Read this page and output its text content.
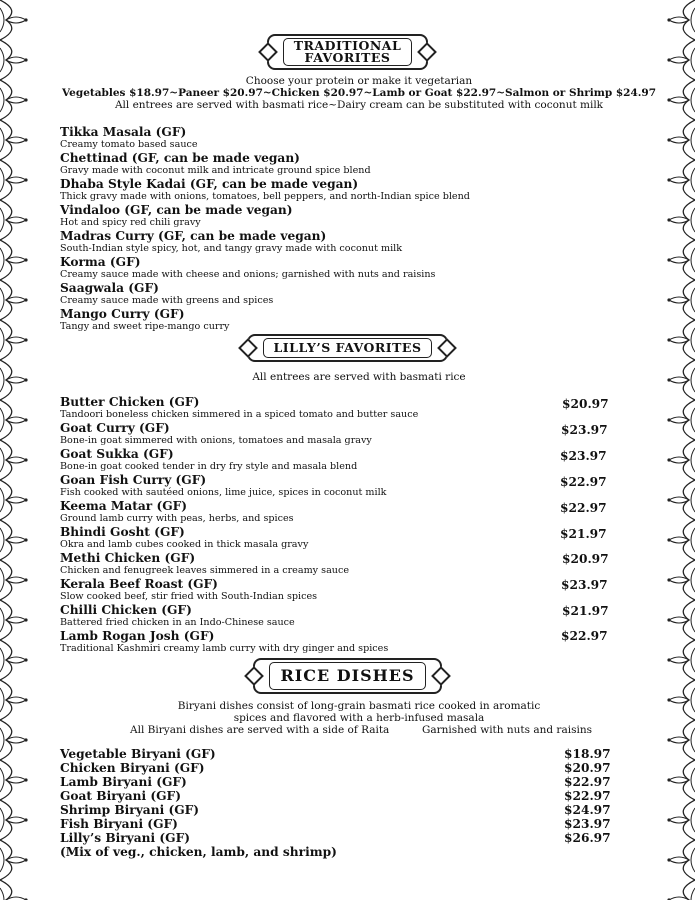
TRADITIONAL
FAVORITES
Choose your protein or make it vegetarian
Vegetables $18.97~Paneer $20.97~Chicken $20.97~Lamb or Goat $22.97~Salmon or Shrimp $24.97
All entrees are served with basmati rice~Dairy cream can be substituted with coconut milk
Tikka Masala (GF)
Creamy tomato based sauce
Chettinad (GF, can be made vegan)
Gravy made with coconut milk and intricate ground spice blend
Dhaba Style Kadai (GF, can be made vegan)
Thick gravy made with onions, tomatoes, bell peppers, and north-Indian spice blend
Vindaloo (GF, can be made vegan)
Hot and spicy red chili gravy
Madras Curry (GF, can be made vegan)
South-Indian style spicy, hot, and tangy gravy made with coconut milk
Korma (GF)
Creamy sauce made with cheese and onions; garnished with nuts and raisins
Saagwala (GF)
Creamy sauce made with greens and spices
Mango Curry (GF)
Tangy and sweet ripe-mango curry
LILLY’S FAVORITES
All entrees are served with basmati rice
Butter Chicken (GF)	$20.97
Tandoori boneless chicken simmered in a spiced tomato and butter sauce
Goat Curry (GF)	$23.97
Bone-in goat simmered with onions, tomatoes and masala gravy
Goat Sukka (GF)	$23.97
Bone-in goat cooked tender in dry fry style and masala blend
Goan Fish Curry (GF)	$22.97
Fish cooked with sautéed onions, lime juice, spices in coconut milk
Keema Matar (GF)	$22.97
Ground lamb curry with peas, herbs, and spices
Bhindi Gosht (GF)	$21.97
Okra and lamb cubes cooked in thick masala gravy
Methi Chicken (GF)	$20.97
Chicken and fenugreek leaves simmered in a creamy sauce
Kerala Beef Roast (GF)	$23.97
Slow cooked beef, stir fried with South-Indian spices
Chilli Chicken (GF)	$21.97
Battered fried chicken in an Indo-Chinese sauce
Lamb Rogan Josh (GF)	$22.97
Traditional Kashmiri creamy lamb curry with dry ginger and spices
RICE DISHES
Biryani dishes consist of long-grain basmati rice cooked in aromatic
spices and flavored with a herb-infused masala
All Biryani dishes are served with a side of Raita	Garnished with nuts and raisins
Vegetable Biryani (GF)	$18.97
Chicken Biryani (GF)	$20.97
Lamb Biryani (GF)	$22.97
Goat Biryani (GF)	$22.97
Shrimp Biryani (GF)	$24.97
Fish Biryani (GF)	$23.97
Lilly’s Biryani (GF)	$26.97
(Mix of veg., chicken, lamb, and shrimp)
